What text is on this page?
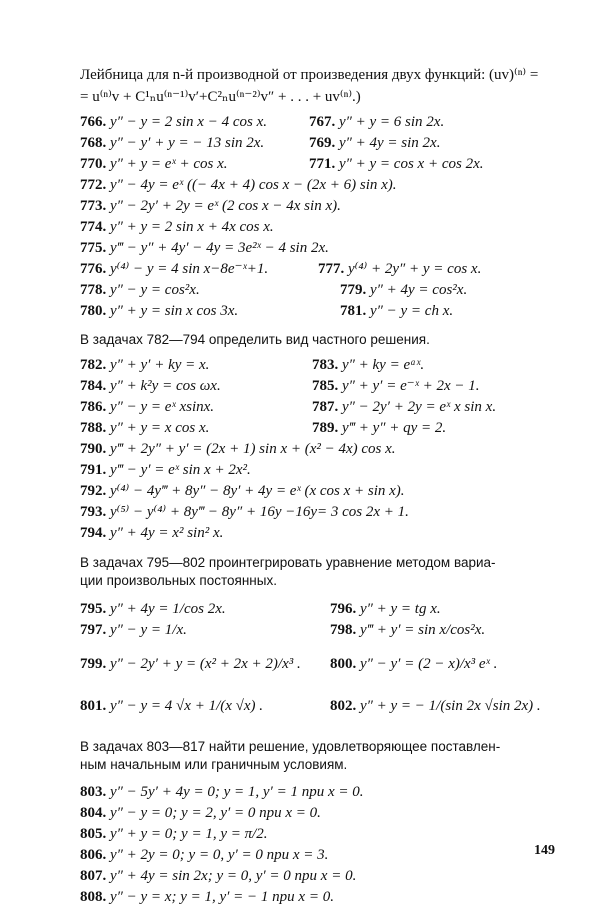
Лейбница для n-й производной от произведения двух функций: (uv)⁽ⁿ⁾ =
= u⁽ⁿ⁾v + C¹ₙu⁽ⁿ⁻¹⁾v′+C²ₙu⁽ⁿ⁻²⁾v″ + . . . + uv⁽ⁿ⁾.)
766. y″ − y = 2 sin x − 4 cos x.	767. y″ + y = 6 sin 2x.
768. y″ − y′ + y = − 13 sin 2x.	769. y″ + 4y = sin 2x.
770. y″ + y = eˣ + cos x.	771. y″ + y = cos x + cos 2x.
772. y″ − 4y = eˣ ((− 4x + 4) cos x − (2x + 6) sin x).
773. y″ − 2y′ + 2y = eˣ (2 cos x − 4x sin x).
774. y″ + y = 2 sin x + 4x cos x.
775. y‴ − y″ + 4y′ − 4y = 3e²ˣ − 4 sin 2x.
776. y⁽⁴⁾ − y = 4 sin x−8e⁻ˣ+1.	777. y⁽⁴⁾ + 2y″ + y = cos x.
778. y″ − y = cos²x.	779. y″ + 4y = cos²x.
780. y″ + y = sin x cos 3x.	781. y″ − y = ch x.
В задачах 782—794 определить вид частного решения.
782. y″ + y′ + ky = x.	783. y″ + ky = eᵃˣ.
784. y″ + k²y = cos ωx.	785. y″ + y′ = e⁻ˣ + 2x − 1.
786. y″ − y = eˣ xsinx.	787. y″ − 2y′ + 2y = eˣ x sin x.
788. y″ + y = x cos x.	789. y‴ + y″ + qy = 2.
790. y‴ + 2y″ + y′ = (2x + 1) sin x + (x² − 4x) cos x.
791. y‴ − y′ = eˣ sin x + 2x².
792. y⁽⁴⁾ − 4y‴ + 8y″ − 8y′ + 4y = eˣ (x cos x + sin x).
793. y⁽⁵⁾ − y⁽⁴⁾ + 8y‴ − 8y″ + 16y −16y= 3 cos 2x + 1.
794. y″ + 4y = x² sin² x.
В задачах 795—802 проинтегрировать уравнение методом вариа-
ции произвольных постоянных.
795. y″ + 4y = 1/cos 2x.	796. y″ + y = tg x.
797. y″ − y = 1/x.	798. y‴ + y′ = sin x/cos²x.
799. y″ − 2y′ + y = (x² + 2x + 2)/x³ . 800. y″ − y′ = (2 − x)/x³ eˣ .
801. y″ − y = 4 √x + 1/(x √x) .	802. y″ + y = − 1/(sin 2x √sin 2x) .
В задачах 803—817 найти решение, удовлетворяющее поставлен-
ным начальным или граничным условиям.
803. y″ − 5y′ + 4y = 0; y = 1, y′ = 1 при x = 0.
804. y″ − y = 0; y = 2, y′ = 0 при x = 0.
805. y″ + y = 0; y = 1, y = π/2.
806. y″ + 2y = 0; y = 0, y′ = 0 при x = 3.
807. y″ + 4y = sin 2x; y = 0, y′ = 0 при x = 0.
808. y″ − y = x; y = 1, y′ = − 1 при x = 0.
149
